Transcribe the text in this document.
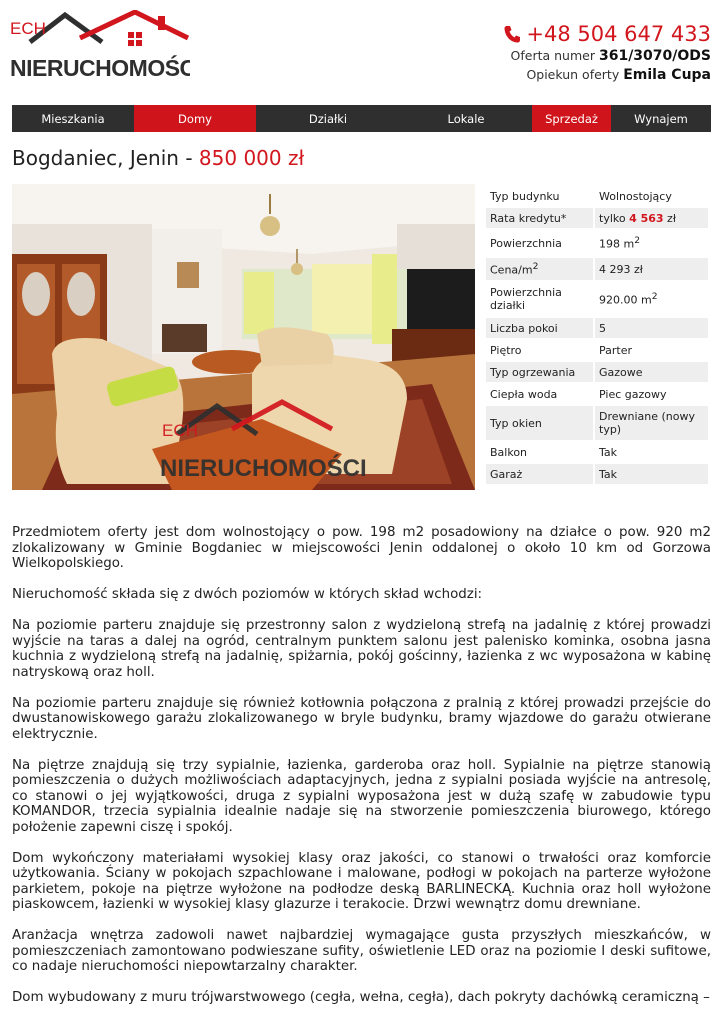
ECH
NIERUCHOMOŚCI
+48 504 647 433
Oferta numer 361/3070/ODS
Opiekun oferty Emila Cupa
Mieszkania	Domy	Działki	Lokale	Sprzedaż	Wynajem
Bogdaniec, Jenin - 850 000 zł
ECH
NIERUCHOMOŚCI
Typ budynku	Wolnostojący
Rata kredytu*	tylko 4 563 zł
Powierzchnia	198 $m^2$
Cena/$m^2$	4 293 zł
Powierzchnia działki	920.00 $m^2$
Liczba pokoi	5
Piętro	Parter
Typ ogrzewania	Gazowe
Ciepła woda	Piec gazowy
Typ okien	Drewniane (nowy typ)
Balkon	Tak
Garaż	Tak

Przedmiotem oferty jest dom wolnostojący o pow. 198 m2 posadowiony na działce o pow. 920 m2 zlokalizowany w Gminie Bogdaniec w miejscowości Jenin oddalonej o około 10 km od Gorzowa Wielkopolskiego.

Nieruchomość składa się z dwóch poziomów w których skład wchodzi:

Na poziomie parteru znajduje się przestronny salon z wydzieloną strefą na jadalnię z której prowadzi wyjście na taras a dalej na ogród, centralnym punktem salonu jest palenisko kominka, osobna jasna kuchnia z wydzieloną strefą na jadalnię, spiżarnia, pokój gościnny, łazienka z wc wyposażona w kabinę natryskową oraz holl.

Na poziomie parteru znajduje się również kotłownia połączona z pralnią z której prowadzi przejście do dwustanowiskowego garażu zlokalizowanego w bryle budynku, bramy wjazdowe do garażu otwierane elektrycznie.

Na piętrze znajdują się trzy sypialnie, łazienka, garderoba oraz holl. Sypialnie na piętrze stanowią pomieszczenia o dużych możliwościach adaptacyjnych, jedna z sypialni posiada wyjście na antresolę, co stanowi o jej wyjątkowości, druga z sypialni wyposażona jest w dużą szafę w zabudowie typu KOMANDOR, trzecia sypialnia idealnie nadaje się na stworzenie pomieszczenia biurowego, którego położenie zapewni ciszę i spokój.

Dom wykończony materiałami wysokiej klasy oraz jakości, co stanowi o trwałości oraz komforcie użytkowania. Ściany w pokojach szpachlowane i malowane, podłogi w pokojach na parterze wyłożone parkietem, pokoje na piętrze wyłożone na podłodze deską BARLINECKĄ. Kuchnia oraz holl wyłożone piaskowcem, łazienki w wysokiej klasy glazurze i terakocie. Drzwi wewnątrz domu drewniane.

Aranżacja wnętrza zadowoli nawet najbardziej wymagające gusta przyszłych mieszkańców, w pomieszczeniach zamontowano podwieszane sufity, oświetlenie LED oraz na poziomie I deski sufitowe, co nadaje nieruchomości niepowtarzalny charakter.

Dom wybudowany z muru trójwarstwowego (cegła, wełna, cegła), dach pokryty dachówką ceramiczną –
